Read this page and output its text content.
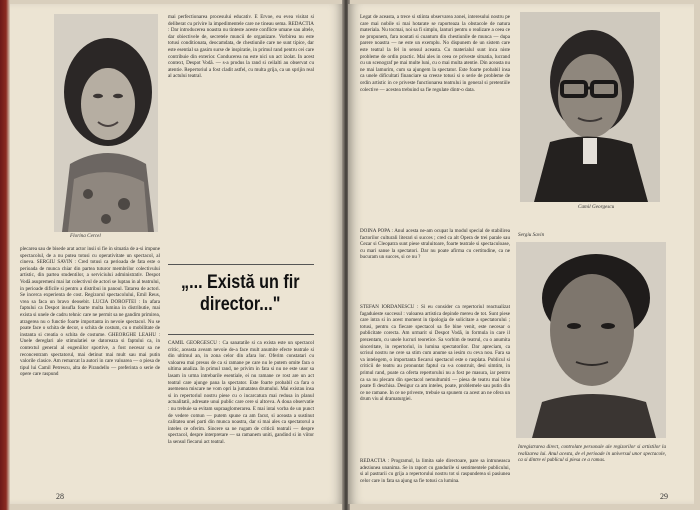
Florina Cercel
mai perfectionarea procesului educativ. E Ervoe, eu evea visitat si deliberat cu privire la impedimentele care ne tineau sema. REDACTIA : Dar introducerea noastra nu tinteste aceste conflicte umane sau altele, dar obiectivele de, secretele muncii de organizare. Vorbirea nu este totusi conditionata, deocamdata, de chestiunile care ne sunt tipice, dar este esential sa gasim surse de inspiratie, in primul rand pentru cei care contribuie din exterior. Conducerea nu este nici un act izolat. In acest context, Despot Vodă. — s-a produs la rand si ceilalti au observat cu atentie. Repertoriul a fost cladit astfel, cu multa grija, ca un sprijin real al actului teatral.
plecarea sau de bisede arat actor insii si fie in situatia de a-si impune spectacolul, de a nu putea totusi cu operativitate un spectacol, al cineva. SERGIU SAVIN : Cred totusi ca perioada de fata este o perioada de munca chiar din partea tuturor membrilor colectivului artistic, din partea studentilor, a serviciului administrativ. Despot Vodă asupremeni mai lat colectivul de actori se luptau in al teatrului, in perioade dificile si pentru a distribui in panoul. Tatarea de actori. Se incerca experienta de cost. Regizorul spectacolului, Emil Reus, vrea sa faca un bravo deosebit. LUCIA DOROFTEI : In afara faptului ca Despot insufla foarte multa lumina in distributie, mai exista si unele de cadru tehnic care ne permit sa ne gandim primirea, atragerea nu o functie foarte importanta in nevoie spectacol. Nu se poate face o schita de decor, o schita de costum, cu o mobilitate de instanta si creatia o schita de costume. GHEORGHE LEAHU : Unele dereglari ale stimulatiei se datoreaza si faptului ca, in contextul general al eugeniilor sportive, a fost necesar sa ne reconcentram spectatorul, mai detinut mai mult sau mai putin valorile clasice. Am remarcat la autori in care valoarea — o piesa de tipul lui Camil Petrescu, alta de Pirandello — preferinta o serie de opere care raspund
„... Există un fir director..."
CAMIL GEORGESCU : Ca sanatatile si ca exista este un spectacol critic, aceasta aveam nevoie de-a face mult anumite efecte teatrale si din ultimul an, in zona celor din afara lor. Oferim constatari cu valoarea mai presus de ca si ramane pe care nu le putem omite fara o ultima analiza. In primul rand, ne privim in fata si nu ne este usor sa lasam in urma intrebarile esentiale, ei nu ramane ce rost are un act teatral care ajunge pana la spectator. Este foarte probabil ca fara o asemenea miscare ne vom opri la jumatatea drumului. Mai existau insa si in repertoriul nostru piese cu o incarcatura mai redusa in planul actualitatii, adresate unui public care cere si altceva. A doua observatie : nu trebuie sa evitam supraaglomerarea. E mai intai vorba de un punct de vedere comun — putem spune ca am facut, si aceasta a sustinut calitatea unei parti din munca noastra, dar si mai ales ca spectatorul a inteles ce oferim. Sincere sa ne rugam de criticii teatrali — despre spectacol, despre interpretare — sa ramanem uniti, gandind si in viitor la sensul fiecarui act teatral.
28
Legat de aceasta, a trece si stiinta observarea zonei, interesului nostru pe care mai nobile si mai hotarate se raporteaza la obstacole de natura materiala. Nu tocmai, noi sa fi simplu, lanturi pentru o realizare a ceea ce ne propunem, fara noutati si cuantum din chestiunile de munca — dupa parere noastra — ne este un exemplu. No dispunem de un sistem care este teatral la fel in sensul aceasta. Cu materialul sunt inca niste probleme de ordin practic. Mai ales in ceea ce priveste situatia, lucrand cu un scenograf pe mai multe luni, cu o mai multa atentie. Din aceasta nu ne mai lamurim, cum sa ajungem la spectator. Este foarte probabil insa ca unele dificultati financiare sa creeze totusi si o serie de probleme de ordin artistic in ce priveste functionarea teatrului in general si pretentiile colective — acestea trebuind sa fie regulate dintr-o data.
Camil Georgescu
DOINA POPA : Anul acesta ne-am ocupat la modul special de stabilirea factorilor culturali literari si succes ; cred ca alt Opera de trei parale sau Cezar si Cleopatra sunt piese straluitoare, foarte teatrale si spectaculoase, cu mari sanse la spectatori. Dar nu poate afirma cu certitudine, ca ne bucuram un succes, si ce nu ?
STEFAN IORDANESCU : Si eu consider ca repertoriul reactualizat fagaduieste succesul : valoarea artistica depinde mereu de tot. Sunt piese care intra si in acest moment in tipologia de solicitare a spectatorului ; totusi, pentru ca fiecare spectacol sa fie bine venit, este necesar o publicitate corecta. Am urmarit si Despot Vodă, in formula in care il prezentam, cu unele lucruri teoretice. Sa vorbim de teatrul, cu o anumita sinceritate, in repertoriul, in lumina spectatorilor. Dar apreciam, ca scrisul nostru ne cere sa stim cum anume sa iesim cu ceva nou. Fara sa va intelegem, o importanta fiecarui spectacol este o rasplata. Publicul si criticii de teatru au pronuntat faptul ca s-a construit, desi simtim, in primul rand, poate ca oferta repertorului nu a fost pe masura, iar pentru ca sa nu plecam din spectacol nemultumiti — piesa de teatru mai bine poate fi deschisa. Desigur ca am inteles, poate, problemele sau putin din ce ne ramane. In ce ne priveste, trebuie sa spunem ca acest an ne ofera un drum viu al dramaturgiei.
Sergiu Savin
REDACTIA : Programul, la limita sale directoare, pare sa intruneasca adeziunea unanima. Se in raport cu gandurile si sentimentele publicului, si al pastrarii cu grija a repertorului nostru tot si raspunderea si pasiunea celor care in fata sa ajung sa fie totusi ca lumina.
Inregistrarea direct, controlate personale ale regizorilor si artistilor la realizarea lui. Anul acesta, de el perioade in universul unor spectacole, ca si dintre ei publicul si piesa ce a ramas.
29
